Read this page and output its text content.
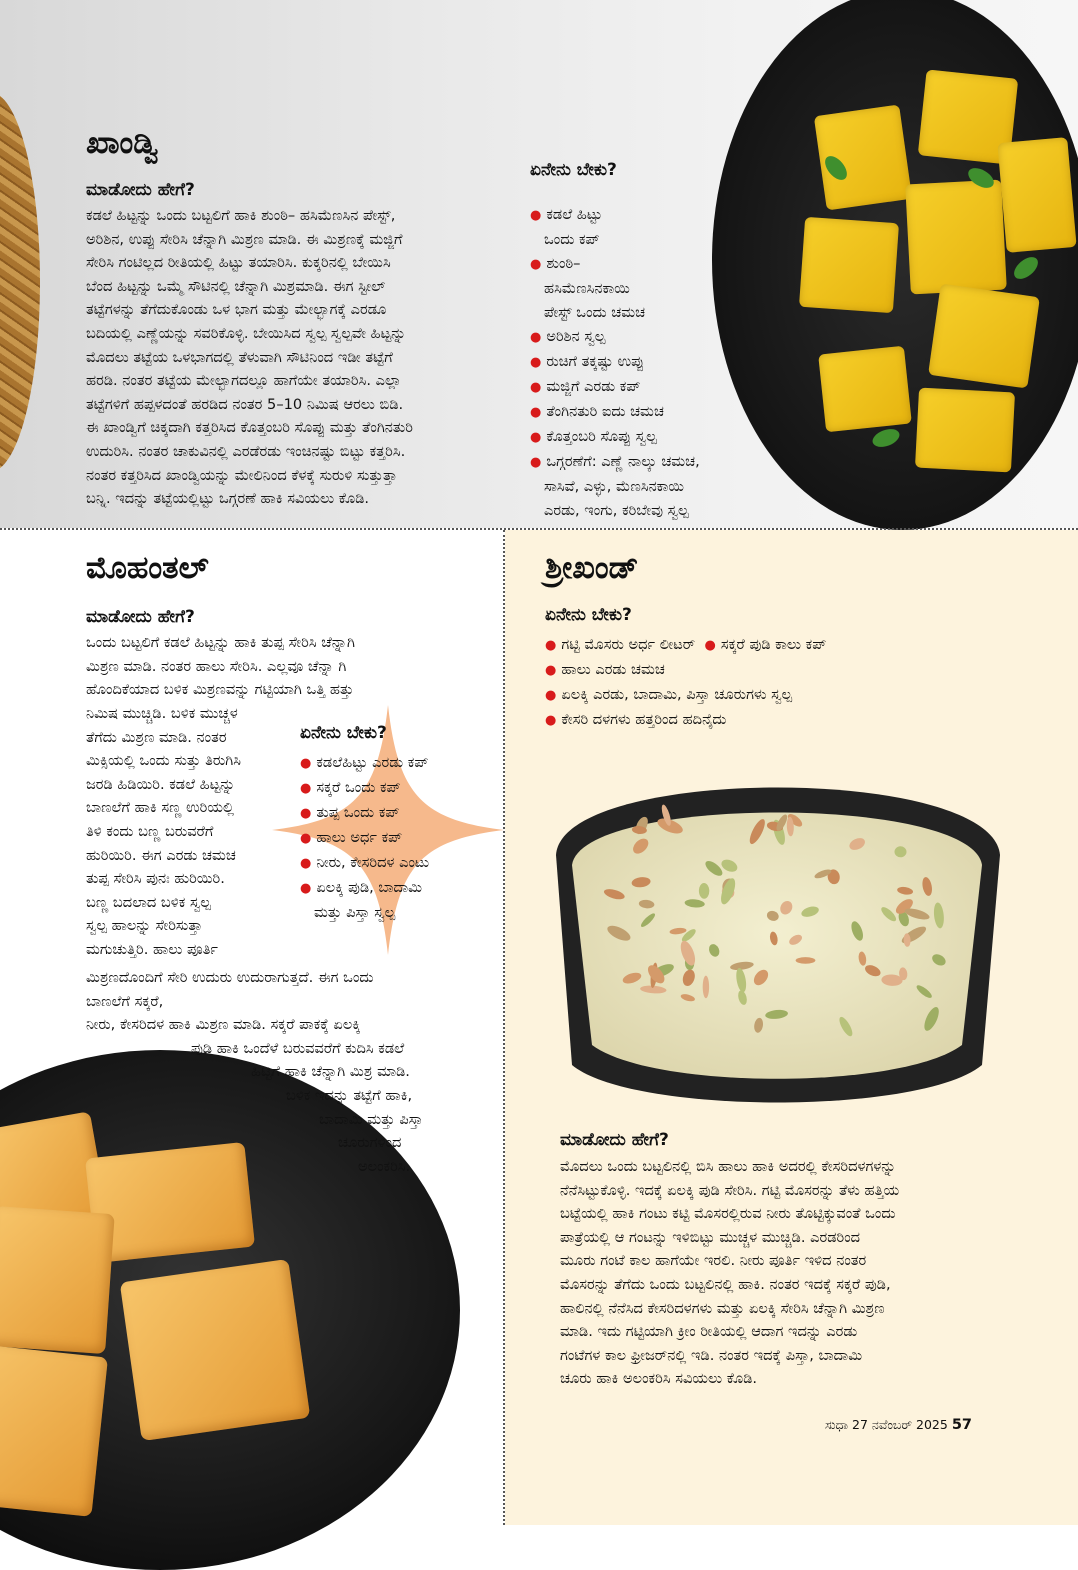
ಖಾಂಡ್ವಿ
ಮಾಡೋದು ಹೇಗೆ?
ಕಡಲೆ ಹಿಟ್ಟನ್ನು ಒಂದು ಬಟ್ಟಲಿಗೆ ಹಾಕಿ ಶುಂಠಿ– ಹಸಿಮೆಣಸಿನ ಪೇಸ್ಟ್,
ಅರಿಶಿನ, ಉಪ್ಪು ಸೇರಿಸಿ ಚೆನ್ನಾಗಿ ಮಿಶ್ರಣ ಮಾಡಿ. ಈ ಮಿಶ್ರಣಕ್ಕೆ ಮಜ್ಜಿಗೆ
ಸೇರಿಸಿ ಗಂಟಿಲ್ಲದ ರೀತಿಯಲ್ಲಿ ಹಿಟ್ಟು ತಯಾರಿಸಿ. ಕುಕ್ಕರಿನಲ್ಲಿ ಬೇಯಿಸಿ
ಬೆಂದ ಹಿಟ್ಟನ್ನು ಒಮ್ಮೆ ಸೌಟಿನಲ್ಲಿ ಚೆನ್ನಾಗಿ ಮಿಶ್ರಮಾಡಿ. ಈಗ ಸ್ಟೀಲ್
ತಟ್ಟೆಗಳನ್ನು ತೆಗೆದುಕೊಂಡು ಒಳ ಭಾಗ ಮತ್ತು ಮೇಲ್ಭಾಗಕ್ಕೆ ಎರಡೂ
ಬದಿಯಲ್ಲಿ ಎಣ್ಣೆಯನ್ನು ಸವರಿಕೊಳ್ಳಿ. ಬೇಯಿಸಿದ ಸ್ವಲ್ಪ ಸ್ವಲ್ಪವೇ ಹಿಟ್ಟನ್ನು
ಮೊದಲು ತಟ್ಟೆಯ ಒಳಭಾಗದಲ್ಲಿ ತೆಳುವಾಗಿ ಸೌಟಿನಿಂದ ಇಡೀ ತಟ್ಟೆಗೆ
ಹರಡಿ. ನಂತರ ತಟ್ಟೆಯ ಮೇಲ್ಭಾಗದಲ್ಲೂ ಹಾಗೆಯೇ ತಯಾರಿಸಿ. ಎಲ್ಲಾ
ತಟ್ಟೆಗಳಿಗೆ ಹಪ್ಪಳದಂತೆ ಹರಡಿದ ನಂತರ 5–10 ನಿಮಿಷ ಆರಲು ಬಿಡಿ.
ಈ ಖಾಂಡ್ವಿಗೆ ಚಿಕ್ಕದಾಗಿ ಕತ್ತರಿಸಿದ ಕೊತ್ತಂಬರಿ ಸೊಪ್ಪು ಮತ್ತು ತೆಂಗಿನತುರಿ
ಉದುರಿಸಿ. ನಂತರ ಚಾಕುವಿನಲ್ಲಿ ಎರಡೆರಡು ಇಂಚಿನಷ್ಟು ಬಿಟ್ಟು ಕತ್ತರಿಸಿ.
ನಂತರ ಕತ್ತರಿಸಿದ ಖಾಂಡ್ವಿಯನ್ನು ಮೇಲಿನಿಂದ ಕೆಳಕ್ಕೆ ಸುರುಳಿ ಸುತ್ತುತ್ತಾ
ಬನ್ನಿ. ಇದನ್ನು ತಟ್ಟೆಯಲ್ಲಿಟ್ಟು ಒಗ್ಗರಣೆ ಹಾಕಿ ಸವಿಯಲು ಕೊಡಿ.
ಏನೇನು ಬೇಕು?
● ಕಡಲೆ ಹಿಟ್ಟು
ಒಂದು ಕಪ್
● ಶುಂಠಿ–
ಹಸಿಮೆಣಸಿನಕಾಯಿ
ಪೇಸ್ಟ್ ಒಂದು ಚಮಚ
● ಅರಿಶಿನ ಸ್ವಲ್ಪ
● ರುಚಿಗೆ ತಕ್ಕಷ್ಟು ಉಪ್ಪು
● ಮಜ್ಜಿಗೆ ಎರಡು ಕಪ್
● ತೆಂಗಿನತುರಿ ಐದು ಚಮಚ
● ಕೊತ್ತಂಬರಿ ಸೊಪ್ಪು ಸ್ವಲ್ಪ
● ಒಗ್ಗರಣೆಗೆ: ಎಣ್ಣೆ ನಾಲ್ಕು ಚಮಚ,
ಸಾಸಿವೆ, ಎಳ್ಳು, ಮೆಣಸಿನಕಾಯಿ
ಎರಡು, ಇಂಗು, ಕರಿಬೇವು ಸ್ವಲ್ಪ
ಮೊಹಂತಲ್
ಮಾಡೋದು ಹೇಗೆ?
ಒಂದು ಬಟ್ಟಲಿಗೆ ಕಡಲೆ ಹಿಟ್ಟನ್ನು ಹಾಕಿ ತುಪ್ಪ ಸೇರಿಸಿ ಚೆನ್ನಾಗಿ
ಮಿಶ್ರಣ ಮಾಡಿ. ನಂತರ ಹಾಲು ಸೇರಿಸಿ. ಎಲ್ಲವೂ ಚೆನ್ನಾ ಗಿ
ಹೊಂದಿಕೆಯಾದ ಬಳಿಕ ಮಿಶ್ರಣವನ್ನು ಗಟ್ಟಿಯಾಗಿ ಒತ್ತಿ ಹತ್ತು
ನಿಮಿಷ ಮುಚ್ಚಿಡಿ. ಬಳಿಕ ಮುಚ್ಚಳ
ತೆಗೆದು ಮಿಶ್ರಣ ಮಾಡಿ. ನಂತರ
ಮಿಕ್ಸಿಯಲ್ಲಿ ಒಂದು ಸುತ್ತು ತಿರುಗಿಸಿ
ಜರಡಿ ಹಿಡಿಯಿರಿ. ಕಡಲೆ ಹಿಟ್ಟನ್ನು
ಬಾಣಲೆಗೆ ಹಾಕಿ ಸಣ್ಣ ಉರಿಯಲ್ಲಿ
ತಿಳಿ ಕಂದು ಬಣ್ಣ ಬರುವರೆಗೆ
ಹುರಿಯಿರಿ. ಈಗ ಎರಡು ಚಮಚ
ತುಪ್ಪ ಸೇರಿಸಿ ಪುನಃ ಹುರಿಯಿರಿ.
ಬಣ್ಣ ಬದಲಾದ ಬಳಿಕ ಸ್ವಲ್ಪ
ಸ್ವಲ್ಪ ಹಾಲನ್ನು ಸೇರಿಸುತ್ತಾ
ಮಗುಚುತ್ತಿರಿ. ಹಾಲು ಪೂರ್ತಿ
ಏನೇನು ಬೇಕು?
● ಕಡಲೆಹಿಟ್ಟು ಎರಡು ಕಪ್
● ಸಕ್ಕರೆ ಒಂದು ಕಪ್
● ತುಪ್ಪ ಒಂದು ಕಪ್
● ಹಾಲು ಅರ್ಧ ಕಪ್
● ನೀರು, ಕೇಸರಿದಳ ಎಂಟು
● ಏಲಕ್ಕಿ ಪುಡಿ, ಬಾದಾಮಿ
ಮತ್ತು ಪಿಸ್ತಾ ಸ್ವಲ್ಪ
ಮಿಶ್ರಣದೊಂದಿಗೆ ಸೇರಿ ಉದುರು ಉದುರಾಗುತ್ತದೆ. ಈಗ ಒಂದು
ಬಾಣಲೆಗೆ ಸಕ್ಕರೆ,
ನೀರು, ಕೇಸರಿದಳ ಹಾಕಿ ಮಿಶ್ರಣ ಮಾಡಿ. ಸಕ್ಕರೆ ಪಾಕಕ್ಕೆ ಏಲಕ್ಕಿ
ಪುಡಿ ಹಾಕಿ ಒಂದೆಳೆ ಬರುವವರೆಗೆ ಕುದಿಸಿ ಕಡಲೆ
ಹಿಟ್ಟಿಗೆ ಹಾಕಿ ಚೆನ್ನಾಗಿ ಮಿಶ್ರ ಮಾಡಿ.
ಬಳಿಕ ಇದನ್ನು ತಟ್ಟೆಗೆ ಹಾಕಿ,
ಬಾದಾಮಿ ಮತ್ತು ಪಿಸ್ತಾ
ಚೂರುಗಳಿಂದ
ಅಲಂಕರಿಸಿ.
ಶ್ರೀಖಂಡ್
ಏನೇನು ಬೇಕು?
● ಗಟ್ಟಿ ಮೊಸರು ಅರ್ಧ ಲೀಟರ್ ● ಸಕ್ಕರೆ ಪುಡಿ ಕಾಲು ಕಪ್
● ಹಾಲು ಎರಡು ಚಮಚ
● ಏಲಕ್ಕಿ ಎರಡು, ಬಾದಾಮಿ, ಪಿಸ್ತಾ ಚೂರುಗಳು ಸ್ವಲ್ಪ
● ಕೇಸರಿ ದಳಗಳು ಹತ್ತರಿಂದ ಹದಿನೈದು
ಮಾಡೋದು ಹೇಗೆ?
ಮೊದಲು ಒಂದು ಬಟ್ಟಲಿನಲ್ಲಿ ಬಿಸಿ ಹಾಲು ಹಾಕಿ ಅದರಲ್ಲಿ ಕೇಸರಿದಳಗಳನ್ನು
ನೆನೆಸಿಟ್ಟುಕೊಳ್ಳಿ. ಇದಕ್ಕೆ ಏಲಕ್ಕಿ ಪುಡಿ ಸೇರಿಸಿ. ಗಟ್ಟಿ ಮೊಸರನ್ನು ತೆಳು ಹತ್ತಿಯ
ಬಟ್ಟೆಯಲ್ಲಿ ಹಾಕಿ ಗಂಟು ಕಟ್ಟಿ ಮೊಸರಲ್ಲಿರುವ ನೀರು ತೊಟ್ಟಿಕ್ಕುವಂತೆ ಒಂದು
ಪಾತ್ರೆಯಲ್ಲಿ ಆ ಗಂಟನ್ನು ಇಳಿಬಿಟ್ಟು ಮುಚ್ಚಳ ಮುಚ್ಚಿಡಿ. ಎರಡರಿಂದ
ಮೂರು ಗಂಟೆ ಕಾಲ ಹಾಗೆಯೇ ಇರಲಿ. ನೀರು ಪೂರ್ತಿ ಇಳಿದ ನಂತರ
ಮೊಸರನ್ನು ತೆಗೆದು ಒಂದು ಬಟ್ಟಲಿನಲ್ಲಿ ಹಾಕಿ. ನಂತರ ಇದಕ್ಕೆ ಸಕ್ಕರೆ ಪುಡಿ,
ಹಾಲಿನಲ್ಲಿ ನೆನೆಸಿದ ಕೇಸರಿದಳಗಳು ಮತ್ತು ಏಲಕ್ಕಿ ಸೇರಿಸಿ ಚೆನ್ನಾಗಿ ಮಿಶ್ರಣ
ಮಾಡಿ. ಇದು ಗಟ್ಟಿಯಾಗಿ ಕ್ರೀಂ ರೀತಿಯಲ್ಲಿ ಆದಾಗ ಇದನ್ನು ಎರಡು
ಗಂಟೆಗಳ ಕಾಲ ಫ್ರೀಜರ್‌ನಲ್ಲಿ ಇಡಿ. ನಂತರ ಇದಕ್ಕೆ ಪಿಸ್ತಾ, ಬಾದಾಮಿ
ಚೂರು ಹಾಕಿ ಅಲಂಕರಿಸಿ ಸವಿಯಲು ಕೊಡಿ.
ಸುಧಾ 27 ನವೆಂಬರ್ 2025 57
